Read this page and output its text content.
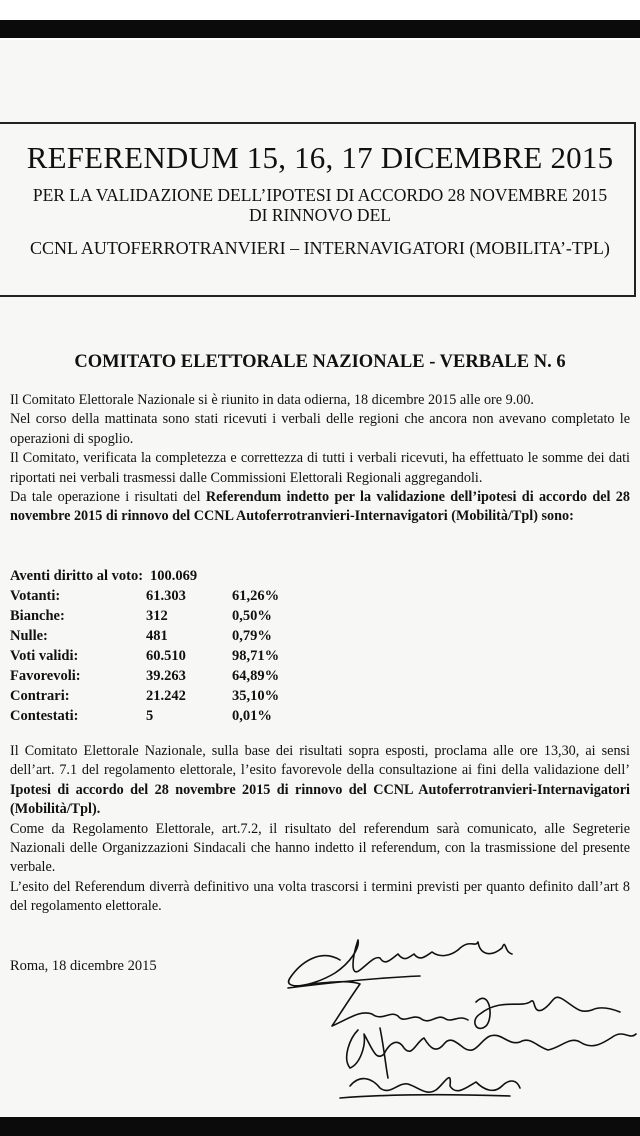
REFERENDUM 15, 16, 17 DICEMBRE 2015
PER LA VALIDAZIONE DELL’IPOTESI DI ACCORDO 28 NOVEMBRE 2015
DI RINNOVO DEL
CCNL AUTOFERROTRANVIERI – INTERNAVIGATORI (MOBILITA’-TPL)
COMITATO ELETTORALE NAZIONALE - VERBALE N. 6
Il Comitato Elettorale Nazionale si è riunito in data odierna, 18 dicembre 2015 alle ore 9.00.
Nel corso della mattinata sono stati ricevuti i verbali delle regioni che ancora non avevano completato le operazioni di spoglio.
Il Comitato, verificata la completezza e correttezza di tutti i verbali ricevuti, ha effettuato le somme dei dati riportati nei verbali trasmessi dalle Commissioni Elettorali Regionali aggregandoli.
Da tale operazione i risultati del Referendum indetto per la validazione dell’ipotesi di accordo del 28 novembre 2015 di rinnovo del CCNL Autoferrotranvieri-Internavigatori (Mobilità/Tpl) sono:
Aventi diritto al voto: 100.069
Votanti:	61.303	61,26%
Bianche:	312	0,50%
Nulle:	481	0,79%
Voti validi:	60.510	98,71%
Favorevoli:	39.263	64,89%
Contrari:	21.242	35,10%
Contestati:	5	0,01%
Il Comitato Elettorale Nazionale, sulla base dei risultati sopra esposti, proclama alle ore 13,30, ai sensi dell’art. 7.1 del regolamento elettorale, l’esito favorevole della consultazione ai fini della validazione dell’ Ipotesi di accordo del 28 novembre 2015 di rinnovo del CCNL Autoferrotranvieri-Internavigatori (Mobilità/Tpl).
Come da Regolamento Elettorale, art.7.2, il risultato del referendum sarà comunicato, alle Segreterie Nazionali delle Organizzazioni Sindacali che hanno indetto il referendum, con la trasmissione del presente verbale.
L’esito del Referendum diverrà definitivo una volta trascorsi i termini previsti per quanto definito dall’art 8 del regolamento elettorale.
Roma, 18 dicembre 2015
